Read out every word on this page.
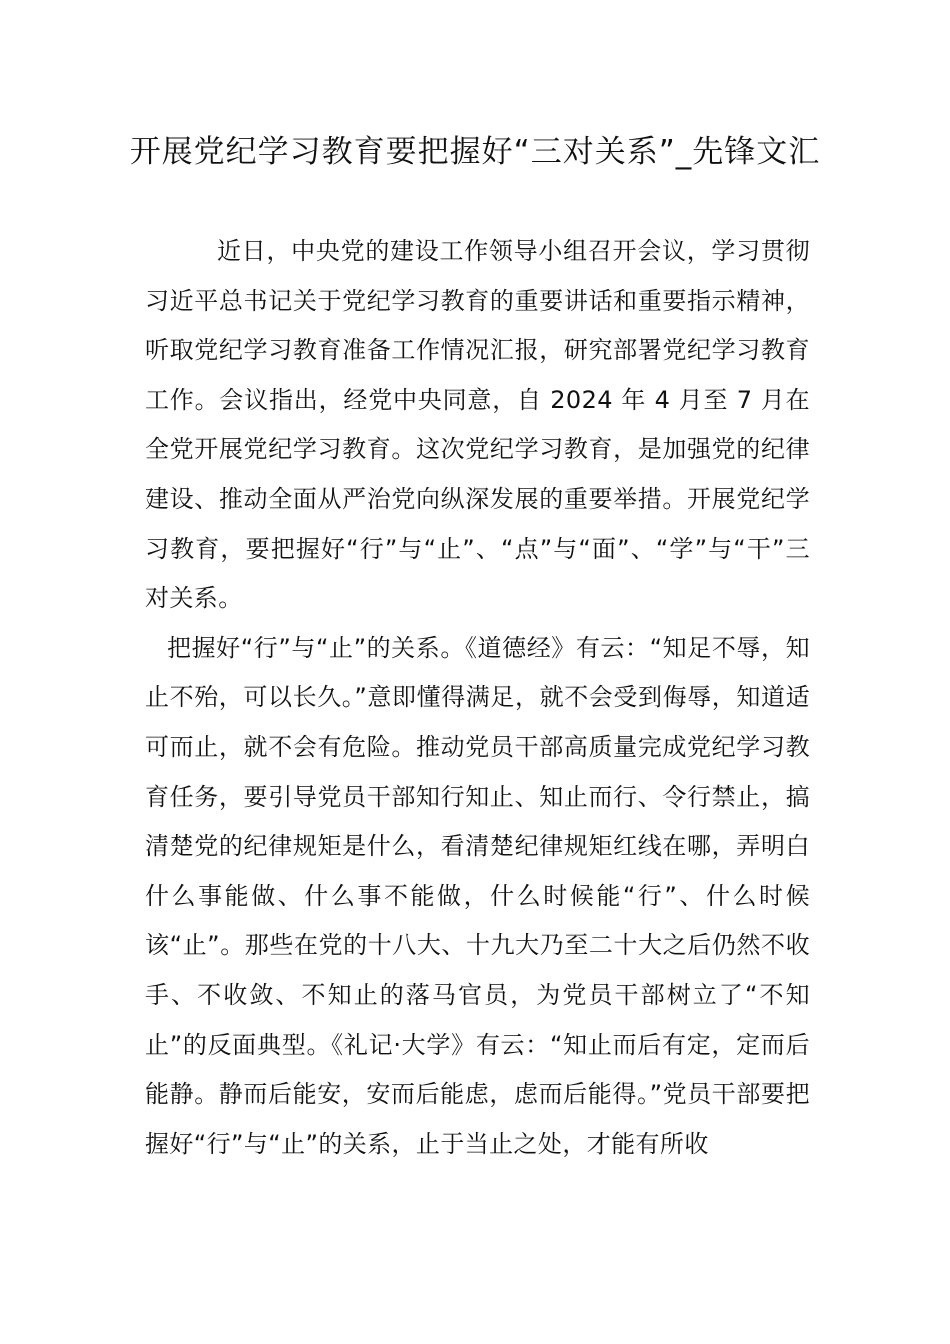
开展党纪学习教育要把握好“三对关系”_先锋文汇

近日，中央党的建设工作领导小组召开会议，学习贯彻习近平总书记关于党纪学习教育的重要讲话和重要指示精神，听取党纪学习教育准备工作情况汇报，研究部署党纪学习教育工作。会议指出，经党中央同意，自 2024 年 4 月至 7 月在全党开展党纪学习教育。这次党纪学习教育，是加强党的纪律建设、推动全面从严治党向纵深发展的重要举措。开展党纪学习教育，要把握好“行”与“止”、“点”与“面”、“学”与“干”三对关系。

把握好“行”与“止”的关系。《道德经》有云：“知足不辱，知止不殆，可以长久。”意即懂得满足，就不会受到侮辱，知道适可而止，就不会有危险。推动党员干部高质量完成党纪学习教育任务，要引导党员干部知行知止、知止而行、令行禁止，搞清楚党的纪律规矩是什么，看清楚纪律规矩红线在哪，弄明白什么事能做、什么事不能做，什么时候能“行”、什么时候该“止”。那些在党的十八大、十九大乃至二十大之后仍然不收手、不收敛、不知止的落马官员，为党员干部树立了“不知止”的反面典型。《礼记·大学》有云：“知止而后有定，定而后能静。静而后能安，安而后能虑，虑而后能得。”党员干部要把握好“行”与“止”的关系，止于当止之处，才能有所收
